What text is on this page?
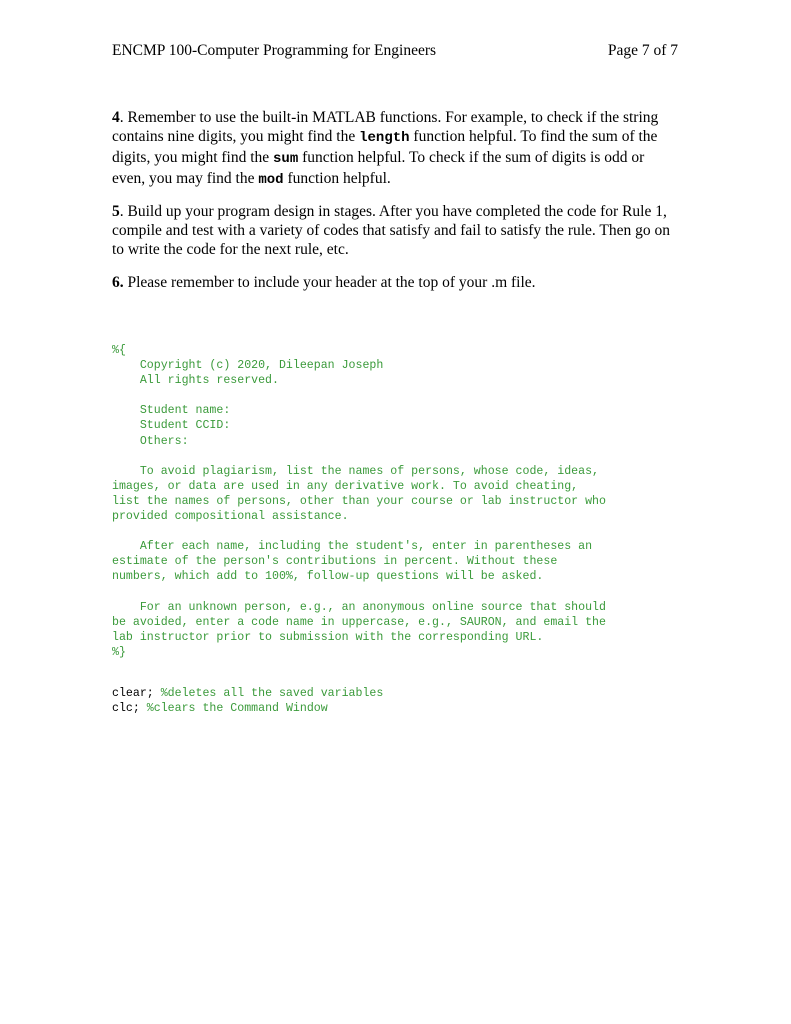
ENCMP 100-Computer Programming for Engineers	Page 7 of 7

4. Remember to use the built-in MATLAB functions. For example, to check if the string contains nine digits, you might find the length function helpful. To find the sum of the digits, you might find the sum function helpful. To check if the sum of digits is odd or even, you may find the mod function helpful.

5. Build up your program design in stages. After you have completed the code for Rule 1, compile and test with a variety of codes that satisfy and fail to satisfy the rule. Then go on to write the code for the next rule, etc.

6. Please remember to include your header at the top of your .m file.

%{
Copyright (c) 2020, Dileepan Joseph
All rights reserved.

Student name:
Student CCID:
Others:

To avoid plagiarism, list the names of persons, whose code, ideas,
images, or data are used in any derivative work. To avoid cheating,
list the names of persons, other than your course or lab instructor who
provided compositional assistance.

After each name, including the student's, enter in parentheses an
estimate of the person's contributions in percent. Without these
numbers, which add to 100%, follow-up questions will be asked.

For an unknown person, e.g., an anonymous online source that should
be avoided, enter a code name in uppercase, e.g., SAURON, and email the
lab instructor prior to submission with the corresponding URL.
%}
clear; %deletes all the saved variables
clc; %clears the Command Window
